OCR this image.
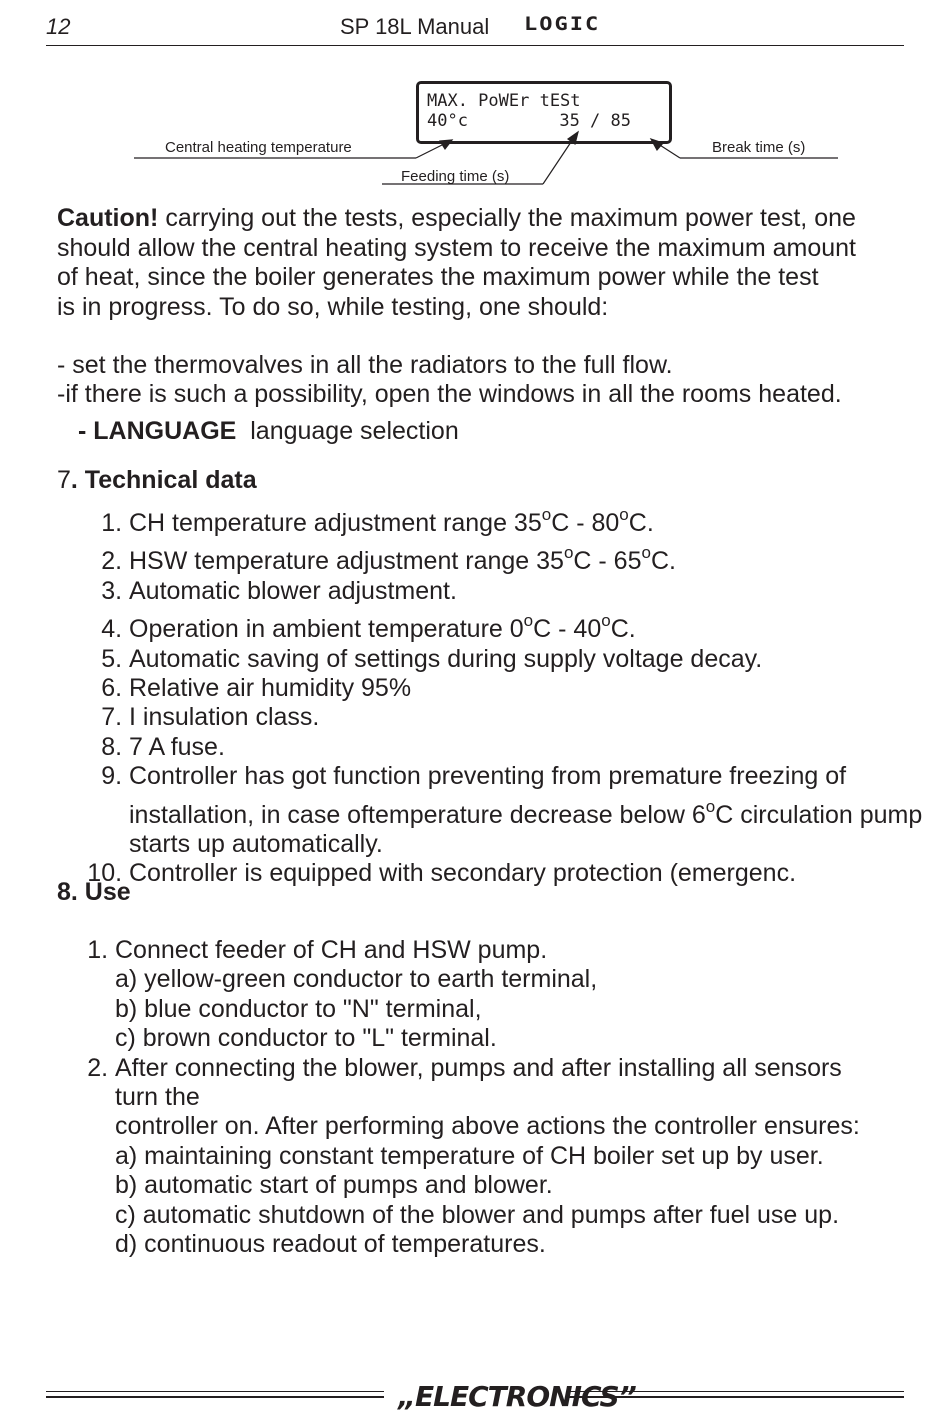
12	SP 18L Manual LOGIC
MAX. PoWEr tESt
40°c	35 / 85
Central heating temperature
Feeding time (s)
Break time (s)
Caution! carrying out the tests, especially the maximum power test, one
should allow the central heating system to receive the maximum amount
of heat, since the boiler generates the maximum power while the test
is in progress. To do so, while testing, one should:
- set the thermovalves in all the radiators to the full flow.
-if there is such a possibility, open the windows in all the rooms heated.
- LANGUAGE language selection
7. Technical data
1. CH temperature adjustment range 35$^o$C - 80$^o$C.
2. HSW temperature adjustment range 35$^o$C - 65$^o$C.
3. Automatic blower adjustment.
4. Operation in ambient temperature 0$^o$C - 40$^o$C.
5. Automatic saving of settings during supply voltage decay.
6. Relative air humidity 95%
7. I insulation class.
8. 7 A fuse.
9. Controller has got function preventing from premature freezing of installation, in case oftemperature decrease below 6$^o$C circulation pump starts up automatically.
10. Controller is equipped with secondary protection (emergenc.
8. Use
1. Connect feeder of CH and HSW pump.
a) yellow-green conductor to earth terminal,
b) blue conductor to "N" terminal,
c) brown conductor to "L" terminal.
2. After connecting the blower, pumps and after installing all sensors
turn the
controller on. After performing above actions the controller ensures:
a) maintaining constant temperature of CH boiler set up by user.
b) automatic start of pumps and blower.
c) automatic shutdown of the blower and pumps after fuel use up.
d) continuous readout of temperatures.
„ELECTRONICS”
